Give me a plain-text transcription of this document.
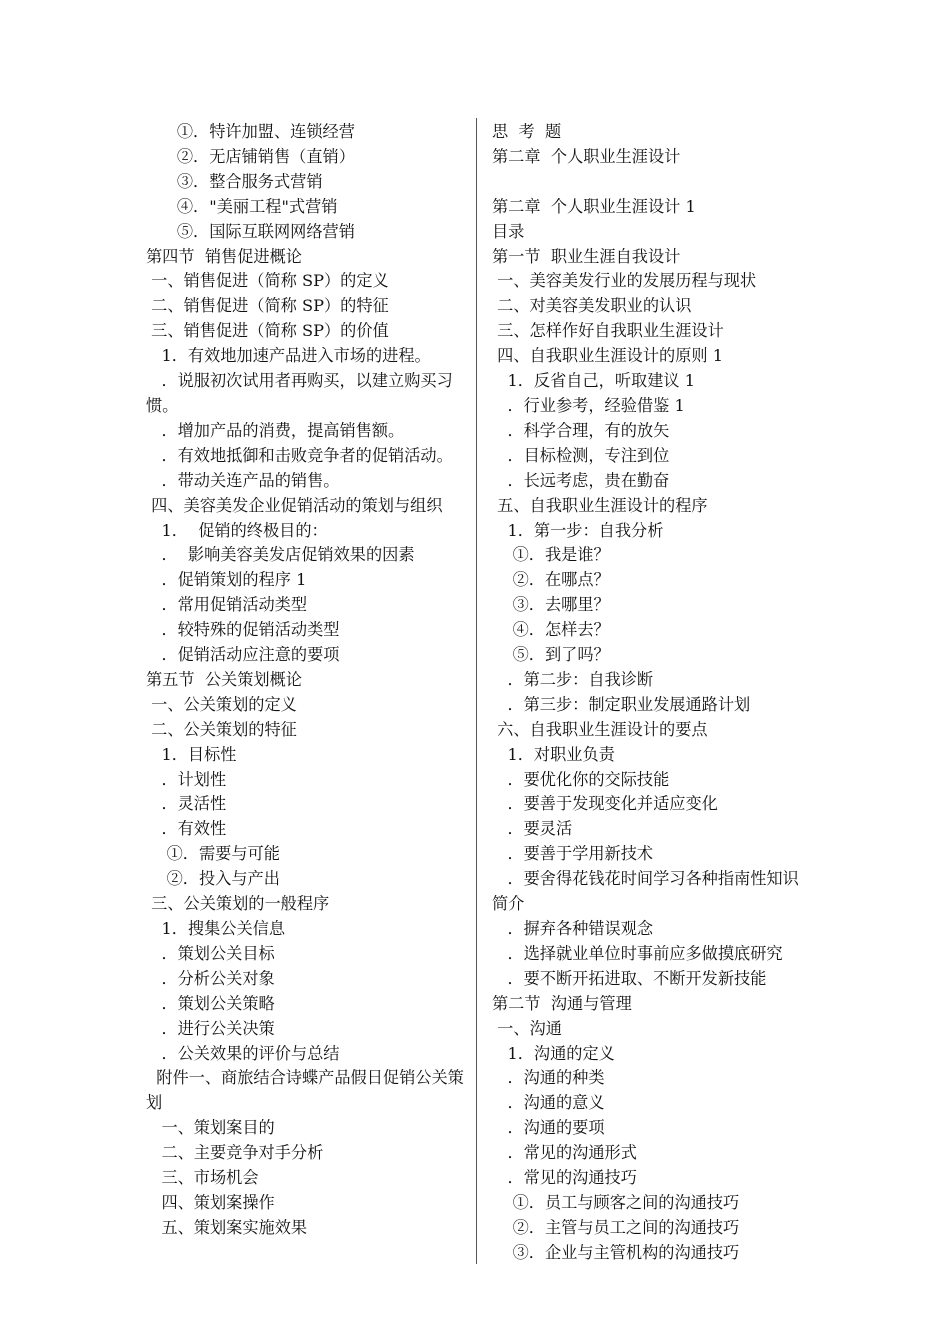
①．特许加盟、连锁经营

②．无店铺销售（直销）

③．整合服务式营销

④．"美丽工程"式营销

⑤．国际互联网网络营销

第四节  销售促进概论

一、销售促进（简称 SP）的定义

二、销售促进（简称 SP）的特征

三、销售促进（简称 SP）的价值

1．有效地加速产品进入市场的进程。

．说服初次试用者再购买，以建立购买习惯。

．增加产品的消费，提高销售额。

．有效地抵御和击败竞争者的促销活动。

．带动关连产品的销售。

四、美容美发企业促销活动的策划与组织

1．  促销的终极目的：

．  影响美容美发店促销效果的因素

．促销策划的程序 1

．常用促销活动类型

．较特殊的促销活动类型

．促销活动应注意的要项

第五节  公关策划概论

一、公关策划的定义

二、公关策划的特征

1．目标性

．计划性

．灵活性

．有效性

①．需要与可能

②．投入与产出

三、公关策划的一般程序

1．搜集公关信息

．策划公关目标

．分析公关对象

．策划公关策略

．进行公关决策

．公关效果的评价与总结

附件一、商旅结合诗蝶产品假日促销公关策划

一、策划案目的

二、主要竞争对手分析

三、市场机会

四、策划案操作

五、策划案实施效果

思  考  题

第二章  个人职业生涯设计

第二章  个人职业生涯设计 1

目录

第一节  职业生涯自我设计

一、美容美发行业的发展历程与现状

二、对美容美发职业的认识

三、怎样作好自我职业生涯设计

四、自我职业生涯设计的原则 1

1．反省自己，听取建议 1

．行业参考，经验借鉴 1

．科学合理，有的放矢

．目标检测，专注到位

．长远考虑，贵在勤奋

五、自我职业生涯设计的程序

1．第一步：自我分析

①．我是谁？

②．在哪点？

③．去哪里？

④．怎样去？

⑤．到了吗？

．第二步：自我诊断

．第三步：制定职业发展通路计划

六、自我职业生涯设计的要点

1．对职业负责

．要优化你的交际技能

．要善于发现变化并适应变化

．要灵活

．要善于学用新技术

．要舍得花钱花时间学习各种指南性知识简介

．摒弃各种错误观念

．选择就业单位时事前应多做摸底研究

．要不断开拓进取、不断开发新技能

第二节  沟通与管理

一、沟通

1．沟通的定义

．沟通的种类

．沟通的意义

．沟通的要项

．常见的沟通形式

．常见的沟通技巧

①．员工与顾客之间的沟通技巧

②．主管与员工之间的沟通技巧

③．企业与主管机构的沟通技巧
